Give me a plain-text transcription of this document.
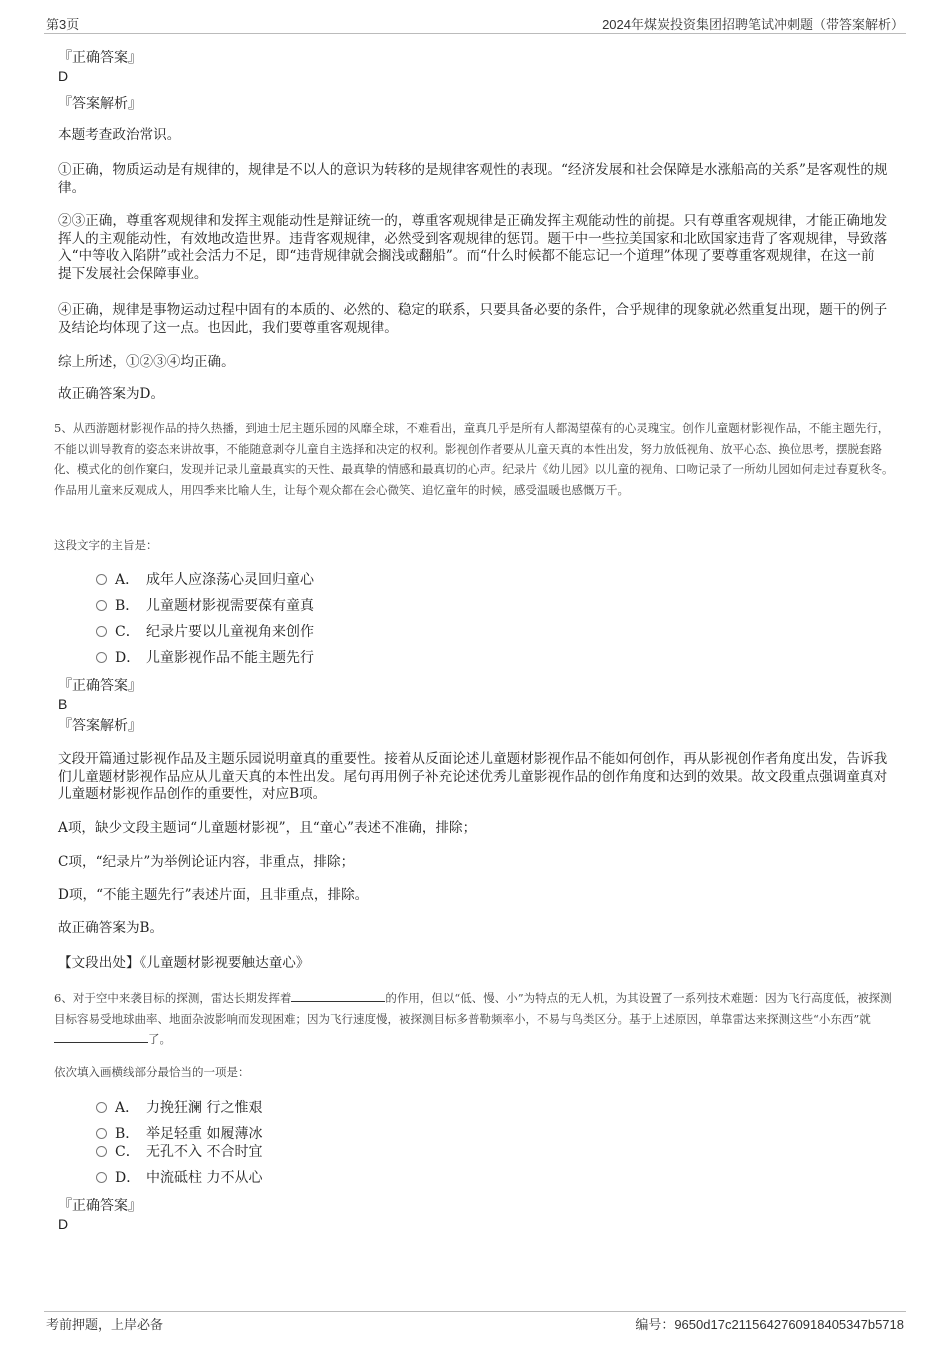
第3页	2024年煤炭投资集团招聘笔试冲刺题（带答案解析）
『正确答案』
D
『答案解析』
本题考查政治常识。
①正确，物质运动是有规律的，规律是不以人的意识为转移的是规律客观性的表现。“经济发展和社会保障是水涨船高的关系”是客观性的规律。
②③正确，尊重客观规律和发挥主观能动性是辩证统一的，尊重客观规律是正确发挥主观能动性的前提。只有尊重客观规律，才能正确地发挥人的主观能动性，有效地改造世界。违背客观规律，必然受到客观规律的惩罚。题干中一些拉美国家和北欧国家违背了客观规律，导致落入“中等收入陷阱”或社会活力不足，即“违背规律就会搁浅或翻船”。而“什么时候都不能忘记一个道理”体现了要尊重客观规律，在这一前提下发展社会保障事业。
④正确，规律是事物运动过程中固有的本质的、必然的、稳定的联系，只要具备必要的条件，合乎规律的现象就必然重复出现，题干的例子及结论均体现了这一点。也因此，我们要尊重客观规律。
综上所述，①②③④均正确。
故正确答案为D。
5、从西游题材影视作品的持久热播，到迪士尼主题乐园的风靡全球，不难看出，童真几乎是所有人都渴望葆有的心灵瑰宝。创作儿童题材影视作品，不能主题先行，不能以训导教育的姿态来讲故事，不能随意剥夺儿童自主选择和决定的权利。影视创作者要从儿童天真的本性出发，努力放低视角、放平心态、换位思考，摆脱套路化、模式化的创作窠臼，发现并记录儿童最真实的天性、最真挚的情感和最真切的心声。纪录片《幼儿园》以儿童的视角、口吻记录了一所幼儿园如何走过春夏秋冬。作品用儿童来反观成人，用四季来比喻人生，让每个观众都在会心微笑、追忆童年的时候，感受温暖也感慨万千。
这段文字的主旨是：
A． 成年人应涤荡心灵回归童心
B． 儿童题材影视需要葆有童真
C． 纪录片要以儿童视角来创作
D． 儿童影视作品不能主题先行
『正确答案』
B
『答案解析』
文段开篇通过影视作品及主题乐园说明童真的重要性。接着从反面论述儿童题材影视作品不能如何创作，再从影视创作者角度出发，告诉我们儿童题材影视作品应从儿童天真的本性出发。尾句再用例子补充论述优秀儿童影视作品的创作角度和达到的效果。故文段重点强调童真对儿童题材影视作品创作的重要性，对应B项。
A项，缺少文段主题词“儿童题材影视”，且“童心”表述不准确，排除；
C项，“纪录片”为举例论证内容，非重点，排除；
D项，“不能主题先行”表述片面，且非重点，排除。
故正确答案为B。
【文段出处】《儿童题材影视要触达童心》
6、对于空中来袭目标的探测，雷达长期发挥着	的作用，但以“低、慢、小”为特点的无人机，为其设置了一系列技术难题：因为飞行高度低，被探测目标容易受地球曲率、地面杂波影响而发现困难；因为飞行速度慢，被探测目标多普勒频率小，不易与鸟类区分。基于上述原因，单靠雷达来探测这些“小东西”就了。
依次填入画横线部分最恰当的一项是：
A． 力挽狂澜 行之惟艰
B． 举足轻重 如履薄冰
C． 无孔不入 不合时宜
D． 中流砥柱 力不从心
『正确答案』
D
考前押题，上岸必备	编号：9650d17c2115642760918405347b5718
